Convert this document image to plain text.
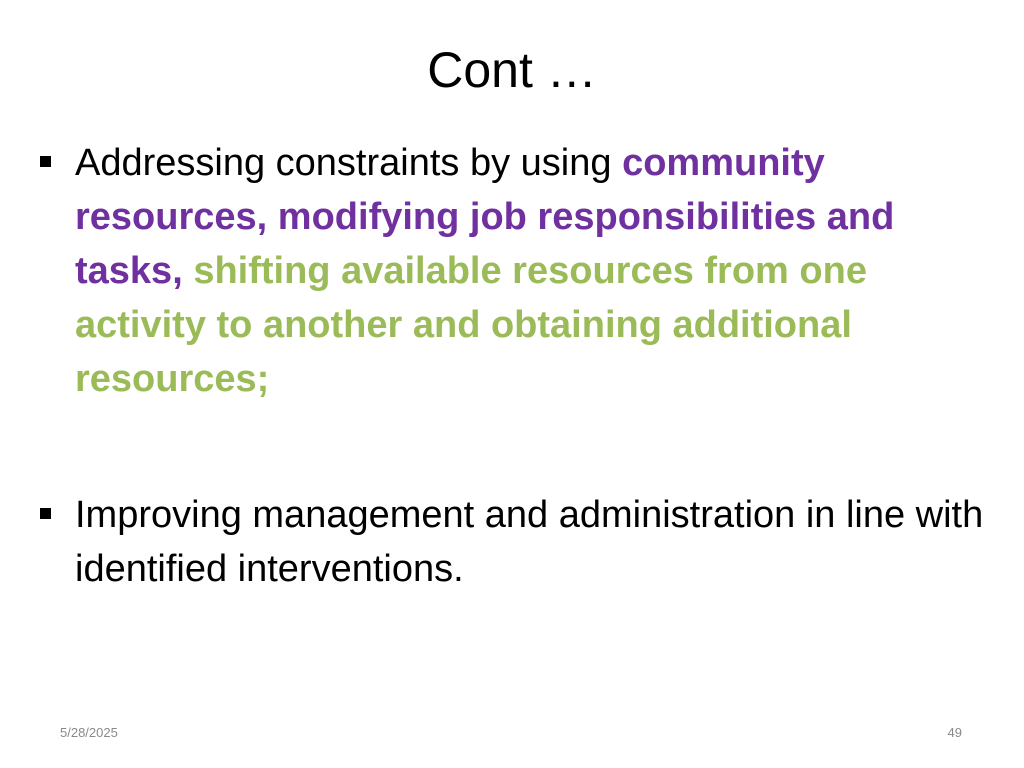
Cont …
Addressing constraints by using community resources, modifying job responsibilities and tasks, shifting available resources from one activity to another and obtaining additional resources;
Improving management and administration in line with identified interventions.
5/28/2025	49
